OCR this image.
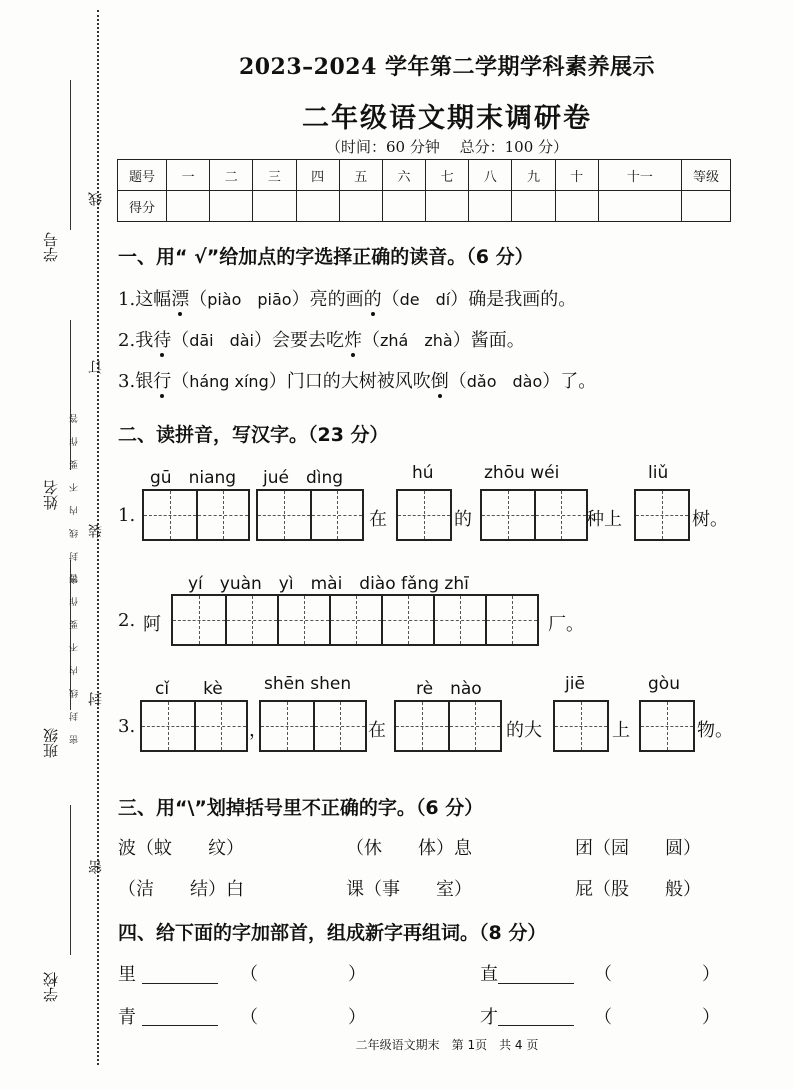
学号
姓名
班级
学校
线
订
装
封
密
密封线内不要作答
密封线内不要作答
2023–2024 学年第二学期学科素养展示
二年级语文期末调研卷
（时间：60 分钟　 总分：100 分）
题号	一	二	三	四	五	六	七	八	九	十	十一	等级
得分												
一、用“ √”给加点的字选择正确的读音。（6 分）
1.这幅漂（piào　piāo）亮的画的（de　dí）确是我画的。
2.我待（dāi　dài）会要去吃炸（zhá　zhà）酱面。
3.银行（háng xíng）门口的大树被风吹倒（dǎo　dào）了。
二、读拼音，写汉字。（23 分）
1.
gū　niang jué　dìng	hú	zhōu wéi	liǔ
在	的	种上	树。
yí　yuàn　yì　mài　diào fǎng zhī
2. 阿	厂。
3.
cǐ　　kè shēn shen	rè　nào	jiē	gòu
，	在	的大	上	物。
三、用“\”划掉括号里不正确的字。（6 分）
波（蚊　　纹）	（休　　体）息	团（园　　圆）
（洁　　结）白	课（事　　室）	屁（股　　般）
四、给下面的字加部首，组成新字再组词。（8 分）
里	（　　　　　）	直	（　　　　　）
青	（　　　　　）	才	（　　　　　）
二年级语文期末　第 1页　共 4 页
